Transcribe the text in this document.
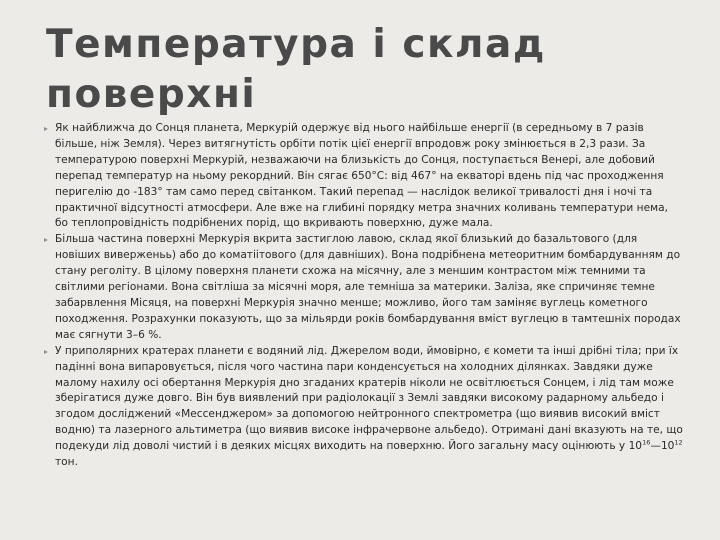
Температура і склад поверхні
Як найближча до Сонця планета, Меркурій одержує від нього найбільше енергії (в середньому в 7 разів більше, ніж Земля). Через витягнутість орбіти потік цієї енергії впродовж року змінюється в 2,3 рази. За температурою поверхні Меркурій, незважаючи на близькість до Сонця, поступається Венері, але добовий перепад температур на ньому рекордний. Він сягає 650°C: від 467° на екваторі вдень під час проходження перигелію до -183° там само перед світанком. Такий перепад — наслідок великої тривалості дня і ночі та практичної відсутності атмосфери. Але вже на глибині порядку метра значних коливань температури нема, бо теплопровідність подрібнених порід, що вкривають поверхню, дуже мала.
Більша частина поверхні Меркурія вкрита застиглою лавою, склад якої близький до базальтового (для новіших виверженьь) або до коматіітового (для давніших). Вона подрібнена метеоритним бомбардуванням до стану реголіту. В цілому поверхня планети схожа на місячну, але з меншим контрастом між темними та світлими регіонами. Вона світліша за місячні моря, але темніша за материки. Заліза, яке спричиняє темне забарвлення Місяця, на поверхні Меркурія значно менше; можливо, його там заміняє вуглець кометного походження. Розрахунки показують, що за мільярди років бомбардування вміст вуглецю в тамтешніх породах має сягнути 3–6 %.
У приполярних кратерах планети є водяний лід. Джерелом води, ймовірно, є комети та інші дрібні тіла; при їх падінні вона випаровується, після чого частина пари конденсується на холодних ділянках. Завдяки дуже малому нахилу осі обертання Меркурія дно згаданих кратерів ніколи не освітлюється Сонцем, і лід там може зберігатися дуже довго. Він був виявлений при радіолокації з Землі завдяки високому радарному альбедо і згодом досліджений «Мессенджером» за допомогою нейтронного спектрометра (що виявив високий вміст водню) та лазерного альтиметра (що виявив високе інфрачервоне альбедо). Отримані дані вказують на те, що подекуди лід доволі чистий і в деяких місцях виходить на поверхню. Його загальну масу оцінюють у $10^{16}—10^{12}$ тон.
